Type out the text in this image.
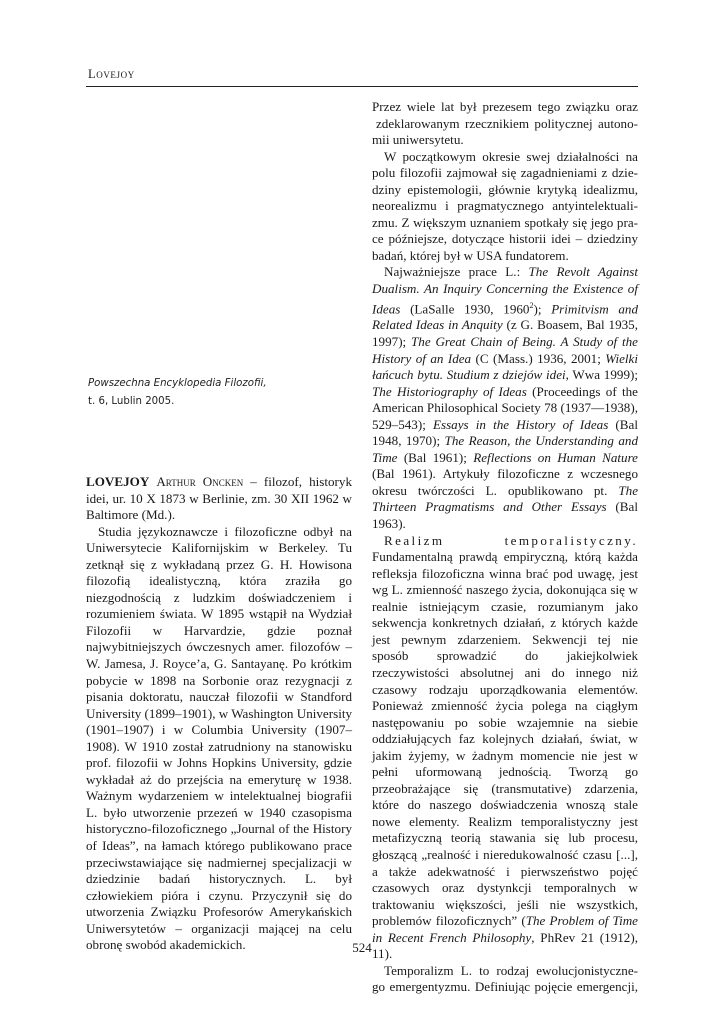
Lovejoy

Przez wiele lat był prezesem tego związku oraz
zdeklarowanym rzecznikiem politycznej autono-
mii uniwersytetu.

W początkowym okresie swej działalności na
polu filozofii zajmował się zagadnieniami z dzie-
dziny epistemologii, głównie krytyką idealizmu,
neorealizmu i pragmatycznego antyintelektuali-
zmu. Z większym uznaniem spotkały się jego pra-
ce późniejsze, dotyczące historii idei – dziedziny
badań, której był w USA fundatorem.

Najważniejsze prace L.: The Revolt Against Dualism. An Inquiry Concerning the Existence of Ideas (LaSalle 1930, 1960$^2$); Primitvism and Related Ideas in Anquity (z G. Boasem, Bal 1935, 1997); The Great Chain of Being. A Study of the History of an Idea (C (Mass.) 1936, 2001; Wielki łańcuch bytu. Studium z dziejów idei, Wwa 1999); The Historiography of Ideas (Proceedings of the American Philosophical Society 78 (1937––1938), 529–543); Essays in the History of Ideas (Bal 1948, 1970); The Reason, the Understanding and Time (Bal 1961); Reflections on Human Nature (Bal 1961). Artykuły filozoficzne z wczesnego okresu twórczości L. opublikowano pt. The Thirteen Pragmatisms and Other Essays (Bal 1963).

Realizm temporalistyczny. Fundamentalną prawdą empiryczną, którą każda refleksja filozoficzna winna brać pod uwagę, jest wg L. zmienność naszego życia, dokonująca się w realnie istniejącym czasie, rozumianym jako sekwencja konkretnych działań, z których każde jest pewnym zdarzeniem. Sekwencji tej nie sposób sprowadzić do jakiejkolwiek rzeczywistości absolutnej ani do innego niż czasowy rodzaju uporządkowania elementów. Ponieważ zmienność życia polega na ciągłym następowaniu po sobie wzajemnie na siebie oddziałujących faz kolejnych działań, świat, w jakim żyjemy, w żadnym momencie nie jest w pełni uformowaną jednością. Tworzą go przeobrażające się (transmutative) zdarzenia, które do naszego doświadczenia wnoszą stale nowe elementy. Realizm temporalistyczny jest metafizyczną teorią stawania się lub procesu, głoszącą „realność i nieredukowalność czasu [...], a także adekwatność i pierwszeństwo pojęć czasowych oraz dystynkcji temporalnych w traktowaniu większości, jeśli nie wszystkich, problemów filozoficznych” (The Problem of Time in Recent French Philosophy, PhRev 21 (1912), 11).

Temporalizm L. to rodzaj ewolucjonistyczne-
go emergentyzmu. Definiując pojęcie emergencji,

Powszechna Encyklopedia Filozofii,
t. 6, Lublin 2005.

LOVEJOY Arthur Oncken – filozof, historyk idei, ur. 10 X 1873 w Berlinie, zm. 30 XII 1962 w Baltimore (Md.).

Studia językoznawcze i filozoficzne odbył na Uniwersytecie Kalifornijskim w Berkeley. Tu zetknął się z wykładaną przez G. H. Howisona filozofią idealistyczną, która zraziła go niezgodnością z ludzkim doświadczeniem i rozumieniem świata. W 1895 wstąpił na Wydział Filozofii w Harvardzie, gdzie poznał najwybitniejszych ówczesnych amer. filozofów – W. Jamesa, J. Royce’a, G. Santayanę. Po krótkim pobycie w 1898 na Sorbonie oraz rezygnacji z pisania doktoratu, nauczał filozofii w Standford University (1899–1901), w Washington University (1901–1907) i w Columbia University (1907–1908). W 1910 został zatrudniony na stanowisku prof. filozofii w Johns Hopkins University, gdzie wykładał aż do przejścia na emeryturę w 1938. Ważnym wydarzeniem w intelektualnej biografii L. było utworzenie przezeń w 1940 czasopisma historyczno-filozoficznego „Journal of the History of Ideas”, na łamach którego publikowano prace przeciwstawiające się nadmiernej specjalizacji w dziedzinie badań historycznych. L. był człowiekiem pióra i czynu. Przyczynił się do utworzenia Związku Profesorów Amerykańskich Uniwersytetów – organizacji mającej na celu obronę swobód akademickich.	524
